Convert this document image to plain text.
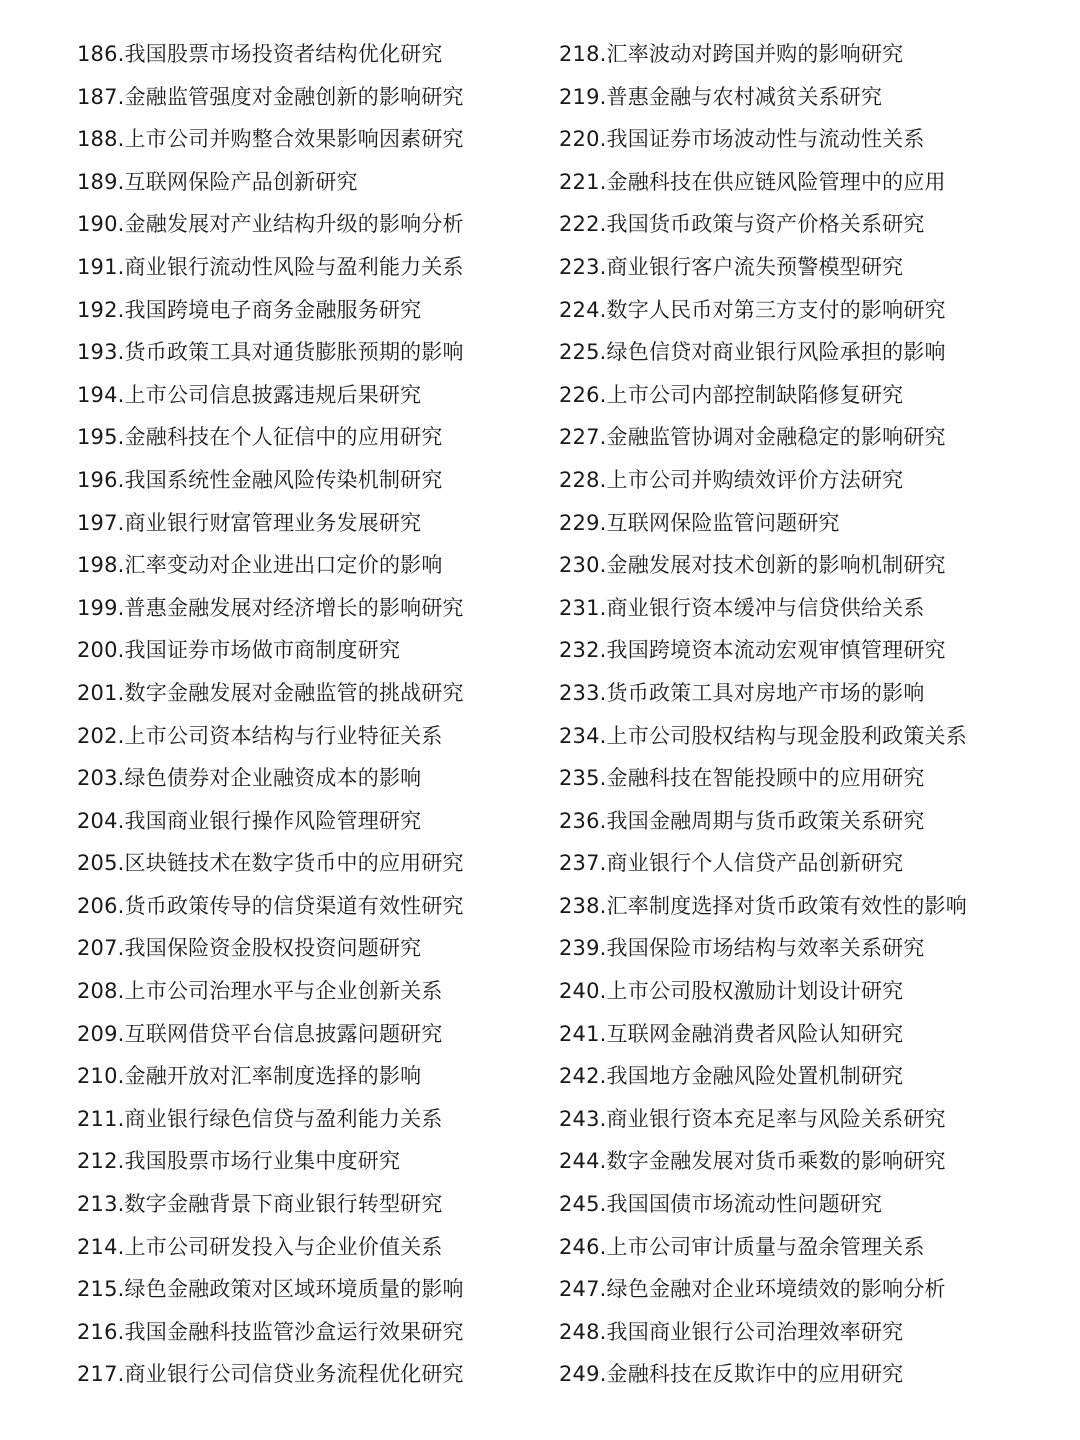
186.我国股票市场投资者结构优化研究
187.金融监管强度对金融创新的影响研究
188.上市公司并购整合效果影响因素研究
189.互联网保险产品创新研究
190.金融发展对产业结构升级的影响分析
191.商业银行流动性风险与盈利能力关系
192.我国跨境电子商务金融服务研究
193.货币政策工具对通货膨胀预期的影响
194.上市公司信息披露违规后果研究
195.金融科技在个人征信中的应用研究
196.我国系统性金融风险传染机制研究
197.商业银行财富管理业务发展研究
198.汇率变动对企业进出口定价的影响
199.普惠金融发展对经济增长的影响研究
200.我国证券市场做市商制度研究
201.数字金融发展对金融监管的挑战研究
202.上市公司资本结构与行业特征关系
203.绿色债券对企业融资成本的影响
204.我国商业银行操作风险管理研究
205.区块链技术在数字货币中的应用研究
206.货币政策传导的信贷渠道有效性研究
207.我国保险资金股权投资问题研究
208.上市公司治理水平与企业创新关系
209.互联网借贷平台信息披露问题研究
210.金融开放对汇率制度选择的影响
211.商业银行绿色信贷与盈利能力关系
212.我国股票市场行业集中度研究
213.数字金融背景下商业银行转型研究
214.上市公司研发投入与企业价值关系
215.绿色金融政策对区域环境质量的影响
216.我国金融科技监管沙盒运行效果研究
217.商业银行公司信贷业务流程优化研究
218.汇率波动对跨国并购的影响研究
219.普惠金融与农村减贫关系研究
220.我国证券市场波动性与流动性关系
221.金融科技在供应链风险管理中的应用
222.我国货币政策与资产价格关系研究
223.商业银行客户流失预警模型研究
224.数字人民币对第三方支付的影响研究
225.绿色信贷对商业银行风险承担的影响
226.上市公司内部控制缺陷修复研究
227.金融监管协调对金融稳定的影响研究
228.上市公司并购绩效评价方法研究
229.互联网保险监管问题研究
230.金融发展对技术创新的影响机制研究
231.商业银行资本缓冲与信贷供给关系
232.我国跨境资本流动宏观审慎管理研究
233.货币政策工具对房地产市场的影响
234.上市公司股权结构与现金股利政策关系
235.金融科技在智能投顾中的应用研究
236.我国金融周期与货币政策关系研究
237.商业银行个人信贷产品创新研究
238.汇率制度选择对货币政策有效性的影响
239.我国保险市场结构与效率关系研究
240.上市公司股权激励计划设计研究
241.互联网金融消费者风险认知研究
242.我国地方金融风险处置机制研究
243.商业银行资本充足率与风险关系研究
244.数字金融发展对货币乘数的影响研究
245.我国国债市场流动性问题研究
246.上市公司审计质量与盈余管理关系
247.绿色金融对企业环境绩效的影响分析
248.我国商业银行公司治理效率研究
249.金融科技在反欺诈中的应用研究
